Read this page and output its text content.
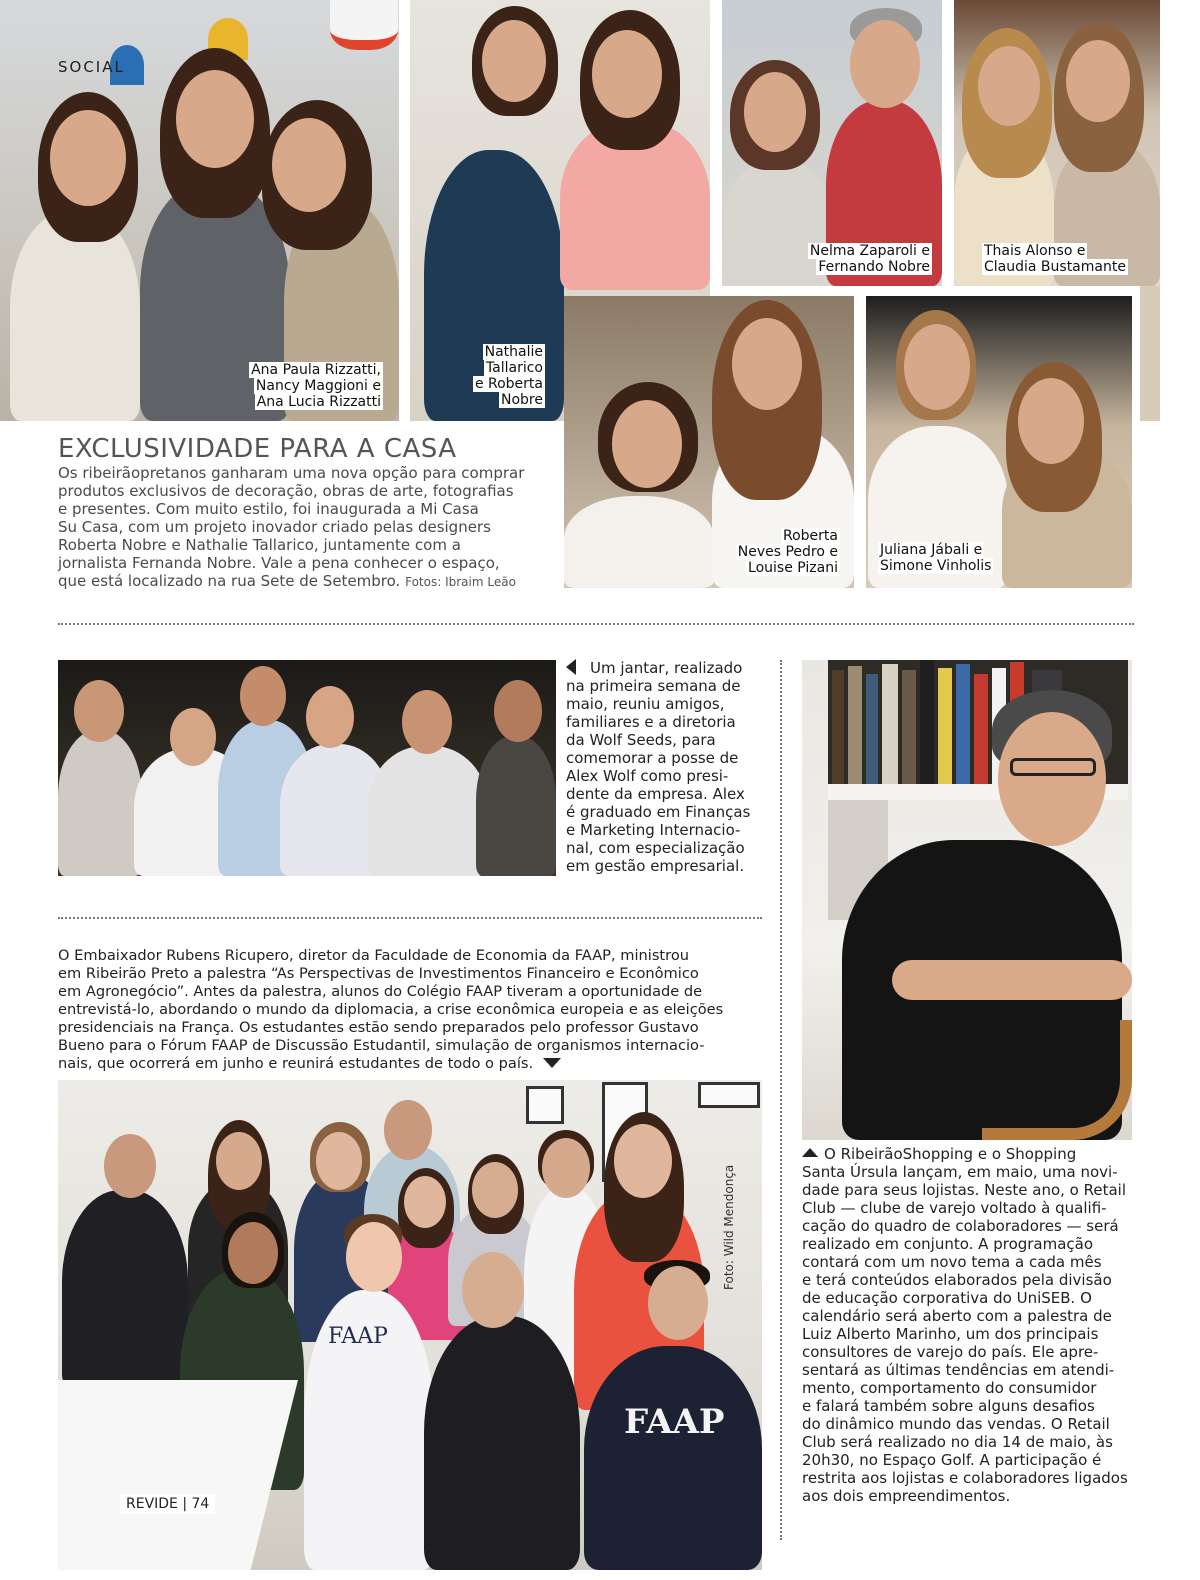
SOCIAL
Ana Paula Rizzatti,
Nancy Maggioni e
Ana Lucia Rizzatti
Nathalie
Tallarico
e Roberta
Nobre
Nelma Zaparoli e
Fernando Nobre
Thais Alonso e
Claudia Bustamante
Roberta
Neves Pedro e
Louise Pizani
Juliana Jábali e
Simone Vinholis
EXCLUSIVIDADE PARA A CASA
Os ribeirãopretanos ganharam uma nova opção para comprar
produtos exclusivos de decoração, obras de arte, fotografias
e presentes. Com muito estilo, foi inaugurada a Mi Casa
Su Casa, com um projeto inovador criado pelas designers
Roberta Nobre e Nathalie Tallarico, juntamente com a
jornalista Fernanda Nobre. Vale a pena conhecer o espaço,
que está localizado na rua Sete de Setembro. Fotos: Ibraim Leão
Um jantar, realizado
na primeira semana de
maio, reuniu amigos,
familiares e a diretoria
da Wolf Seeds, para
comemorar a posse de
Alex Wolf como presi-
dente da empresa. Alex
é graduado em Finanças
e Marketing Internacio-
nal, com especialização
em gestão empresarial.
O Embaixador Rubens Ricupero, diretor da Faculdade de Economia da FAAP, ministrou
em Ribeirão Preto a palestra “As Perspectivas de Investimentos Financeiro e Econômico
em Agronegócio”. Antes da palestra, alunos do Colégio FAAP tiveram a oportunidade de
entrevistá-lo, abordando o mundo da diplomacia, a crise econômica europeia e as eleições
presidenciais na França. Os estudantes estão sendo preparados pelo professor Gustavo
Bueno para o Fórum FAAP de Discussão Estudantil, simulação de organismos internacio-
nais, que ocorrerá em junho e reunirá estudantes de todo o país.
FAAP
FAAP
Foto: Wild Mendonça
O RibeirãoShopping e o Shopping
Santa Úrsula lançam, em maio, uma novi-
dade para seus lojistas. Neste ano, o Retail
Club — clube de varejo voltado à qualifi-
cação do quadro de colaboradores — será
realizado em conjunto. A programação
contará com um novo tema a cada mês
e terá conteúdos elaborados pela divisão
de educação corporativa do UniSEB. O
calendário será aberto com a palestra de
Luiz Alberto Marinho, um dos principais
consultores de varejo do país. Ele apre-
sentará as últimas tendências em atendi-
mento, comportamento do consumidor
e falará também sobre alguns desafios
do dinâmico mundo das vendas. O Retail
Club será realizado no dia 14 de maio, às
20h30, no Espaço Golf. A participação é
restrita aos lojistas e colaboradores ligados
aos dois empreendimentos.
REVIDE | 74
